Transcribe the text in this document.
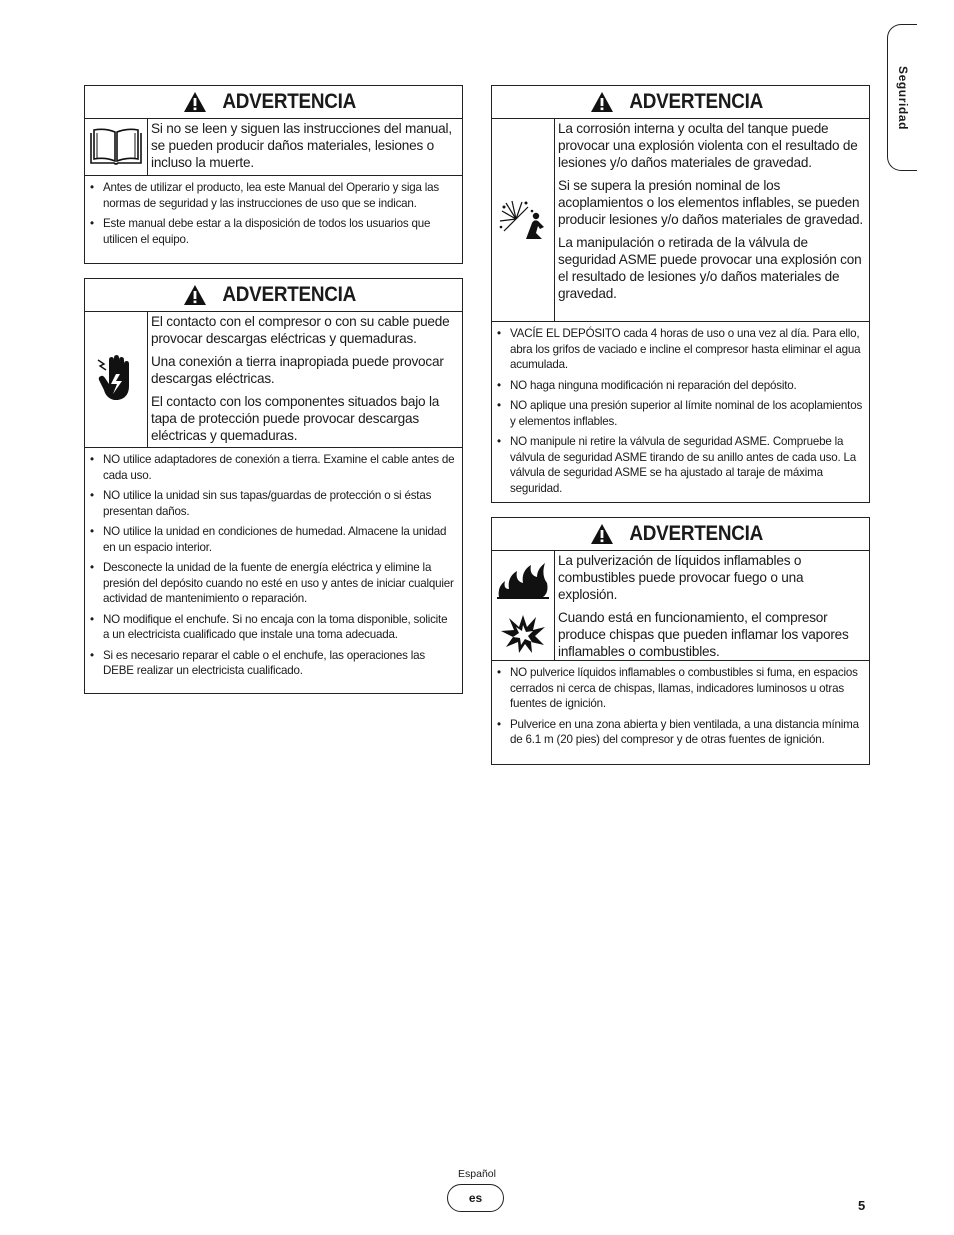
Seguridad
ADVERTENCIA

Si no se leen y siguen las instrucciones del manual, se pueden producir daños materiales, lesiones o incluso la muerte.

• Antes de utilizar el producto, lea este Manual del Operario y siga las normas de seguridad y las instrucciones de uso que se indican.
• Este manual debe estar a la disposición de todos los usuarios que utilicen el equipo.
ADVERTENCIA

El contacto con el compresor o con su cable puede provocar descargas eléctricas y quemaduras.

Una conexión a tierra inapropiada puede provocar descargas eléctricas.

El contacto con los componentes situados bajo la tapa de protección puede provocar descargas eléctricas y quemaduras.

• NO utilice adaptadores de conexión a tierra. Examine el cable antes de cada uso.
• NO utilice la unidad sin sus tapas/guardas de protección o si éstas presentan daños.
• NO utilice la unidad en condiciones de humedad. Almacene la unidad en un espacio interior.
• Desconecte la unidad de la fuente de energía eléctrica y elimine la presión del depósito cuando no esté en uso y antes de iniciar cualquier actividad de mantenimiento o reparación.
• NO modifique el enchufe. Si no encaja con la toma disponible, solicite a un electricista cualificado que instale una toma adecuada.
• Si es necesario reparar el cable o el enchufe, las operaciones las DEBE realizar un electricista cualificado.
ADVERTENCIA

La corrosión interna y oculta del tanque puede provocar una explosión violenta con el resultado de lesiones y/o daños materiales de gravedad.

Si se supera la presión nominal de los acoplamientos o los elementos inflables, se pueden producir lesiones y/o daños materiales de gravedad.

La manipulación o retirada de la válvula de seguridad ASME puede provocar una explosión con el resultado de lesiones y/o daños materiales de gravedad.

• VACÍE EL DEPÓSITO cada 4 horas de uso o una vez al día. Para ello, abra los grifos de vaciado e incline el compresor hasta eliminar el agua acumulada.
• NO haga ninguna modificación ni reparación del depósito.
• NO aplique una presión superior al límite nominal de los acoplamientos y elementos inflables.
• NO manipule ni retire la válvula de seguridad ASME. Compruebe la válvula de seguridad ASME tirando de su anillo antes de cada uso. La válvula de seguridad ASME se ha ajustado al taraje de máxima seguridad.
ADVERTENCIA

La pulverización de líquidos inflamables o combustibles puede provocar fuego o una explosión.

Cuando está en funcionamiento, el compresor produce chispas que pueden inflamar los vapores inflamables o combustibles.

• NO pulverice líquidos inflamables o combustibles si fuma, en espacios cerrados ni cerca de chispas, llamas, indicadores luminosos u otras fuentes de ignición.
• Pulverice en una zona abierta y bien ventilada, a una distancia mínima de 6.1 m (20 pies) del compresor y de otras fuentes de ignición.
Español
es	5
